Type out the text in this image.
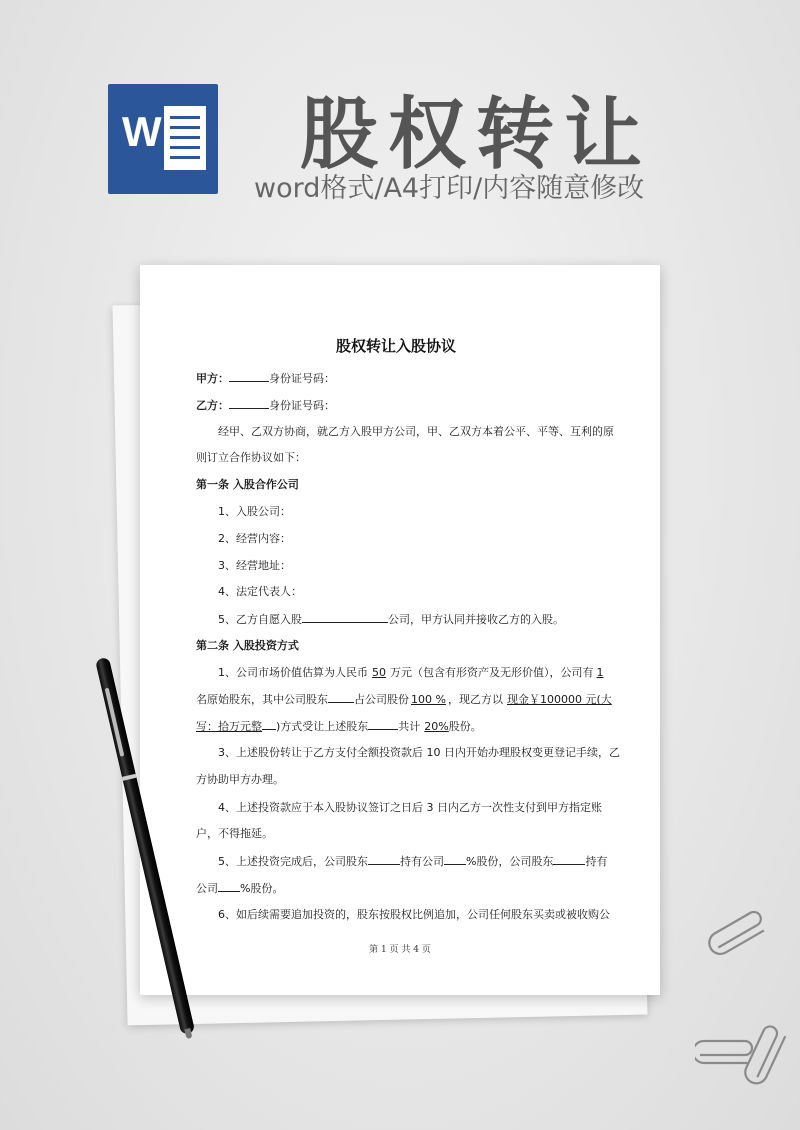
W 股权转让
word格式/A4打印/内容随意修改
股权转让入股协议
甲方：	身份证号码：
乙方：	身份证号码：
经甲、乙双方协商，就乙方入股甲方公司，甲、乙双方本着公平、平等、互利的原
则订立合作协议如下：
第一条 入股合作公司
1、入股公司：
2、经营内容：
3、经营地址：
4、法定代表人：
5、乙方自愿入股	公司，甲方认同并接收乙方的入股。
第二条 入股投资方式
1、公司市场价值估算为人民币 50 万元（包含有形资产及无形价值），公司有 1
名原始股东，其中公司股东 占公司股份 100 % ，现乙方以 现金￥100000 元(大
写：拾万元整 )方式受让上述股东	共计 20%股份。
3、上述股份转让于乙方支付全额投资款后 10 日内开始办理股权变更登记手续，乙
方协助甲方办理。
4、上述投资款应于本入股协议签订之日后 3 日内乙方一次性支付到甲方指定账
户，不得拖延。
5、上述投资完成后，公司股东	持有公司 %股份，公司股东	持有
公司 %股份。
6、如后续需要追加投资的，股东按股权比例追加，公司任何股东买卖或被收购公
第 1 页 共 4 页
